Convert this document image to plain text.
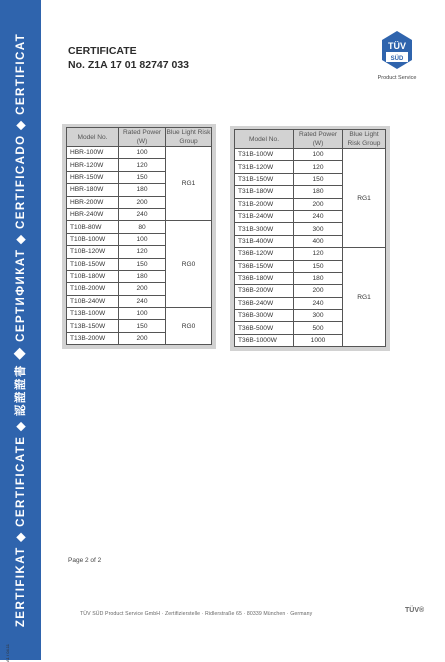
ZERTIFIKAT ◆ CERTIFICATE ◆ 認證證書 ◆ СЕРТИФИКАТ ◆ CERTIFICADO ◆ CERTIFICAT
A1 / 04.11
CERTIFICATE
No. Z1A 17 01 82747 033
TÜV
SÜD
Product Service
Model No.	Rated Power (W)	Blue Light Risk Group
HBR-100W	100	RG1
HBR-120W	120	
HBR-150W	150	
HBR-180W	180	
HBR-200W	200	
HBR-240W	240	
T10B-80W	80	RG0
T10B-100W	100	
T10B-120W	120	
T10B-150W	150	
T10B-180W	180	
T10B-200W	200	
T10B-240W	240	
T13B-100W	100	RG0
T13B-150W	150	
T13B-200W	200	
Model No.	Rated Power (W)	Blue Light Risk Group
T31B-100W	100	RG1
T31B-120W	120	
T31B-150W	150	
T31B-180W	180	
T31B-200W	200	
T31B-240W	240	
T31B-300W	300	
T31B-400W	400	
T36B-120W	120	RG1
T36B-150W	150	
T36B-180W	180	
T36B-200W	200	
T36B-240W	240	
T36B-300W	300	
T36B-500W	500	
T36B-1000W	1000	
Page 2 of 2
TÜV SÜD Product Service GmbH · Zertifizierstelle · Ridlerstraße 65 · 80339 München · Germany	TÜV®
